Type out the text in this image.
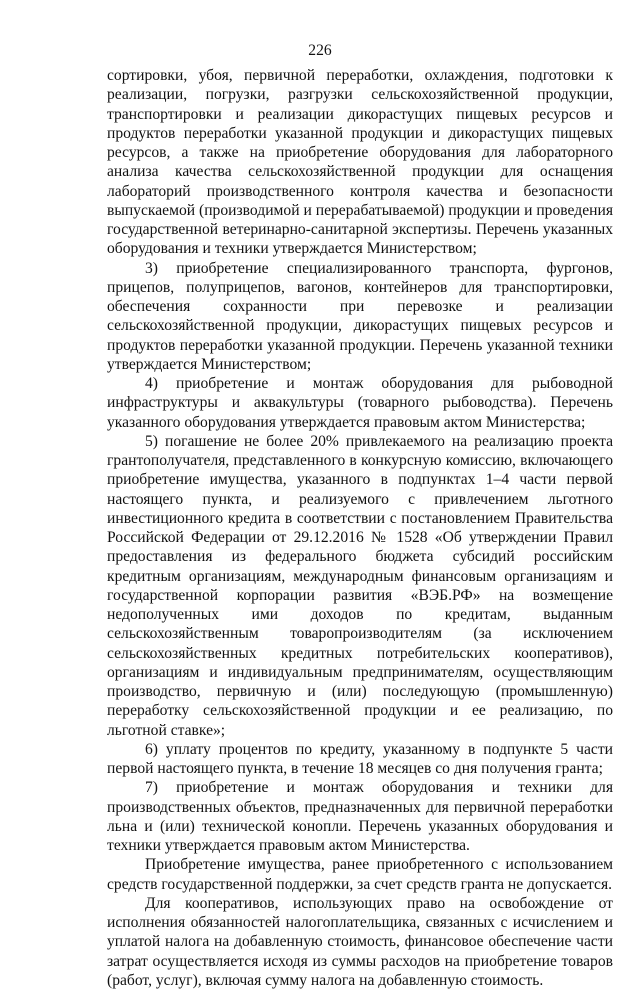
226

сортировки, убоя, первичной переработки, охлаждения, подготовки к реализации, погрузки, разгрузки сельскохозяйственной продукции, транспортировки и реализации дикорастущих пищевых ресурсов и продуктов переработки указанной продукции и дикорастущих пищевых ресурсов, а также на приобретение оборудования для лабораторного анализа качества сельскохозяйственной продукции для оснащения лабораторий производственного контроля качества и безопасности выпускаемой (производимой и перерабатываемой) продукции и проведения государственной ветеринарно-санитарной экспертизы. Перечень указанных оборудования и техники утверждается Министерством;

3) приобретение специализированного транспорта, фургонов, прицепов, полуприцепов, вагонов, контейнеров для транспортировки, обеспечения сохранности при перевозке и реализации сельскохозяйственной продукции, дикорастущих пищевых ресурсов и продуктов переработки указанной продукции. Перечень указанной техники утверждается Министерством;

4) приобретение и монтаж оборудования для рыбоводной инфраструктуры и аквакультуры (товарного рыбоводства). Перечень указанного оборудования утверждается правовым актом Министерства;

5) погашение не более 20% привлекаемого на реализацию проекта грантополучателя, представленного в конкурсную комиссию, включающего приобретение имущества, указанного в подпунктах 1–4 части первой настоящего пункта, и реализуемого с привлечением льготного инвестиционного кредита в соответствии с постановлением Правительства Российской Федерации от 29.12.2016 № 1528 «Об утверждении Правил предоставления из федерального бюджета субсидий российским кредитным организациям, международным финансовым организациям и государственной корпорации развития «ВЭБ.РФ» на возмещение недополученных ими доходов по кредитам, выданным сельскохозяйственным товаропроизводителям (за исключением сельскохозяйственных кредитных потребительских кооперативов), организациям и индивидуальным предпринимателям, осуществляющим производство, первичную и (или) последующую (промышленную) переработку сельскохозяйственной продукции и ее реализацию, по льготной ставке»;

6) уплату процентов по кредиту, указанному в подпункте 5 части первой настоящего пункта, в течение 18 месяцев со дня получения гранта;

7) приобретение и монтаж оборудования и техники для производственных объектов, предназначенных для первичной переработки льна и (или) технической конопли. Перечень указанных оборудования и техники утверждается правовым актом Министерства.

Приобретение имущества, ранее приобретенного с использованием средств государственной поддержки, за счет средств гранта не допускается.

Для кооперативов, использующих право на освобождение от исполнения обязанностей налогоплательщика, связанных с исчислением и уплатой налога на добавленную стоимость, финансовое обеспечение части затрат осуществляется исходя из суммы расходов на приобретение товаров (работ, услуг), включая сумму налога на добавленную стоимость.
